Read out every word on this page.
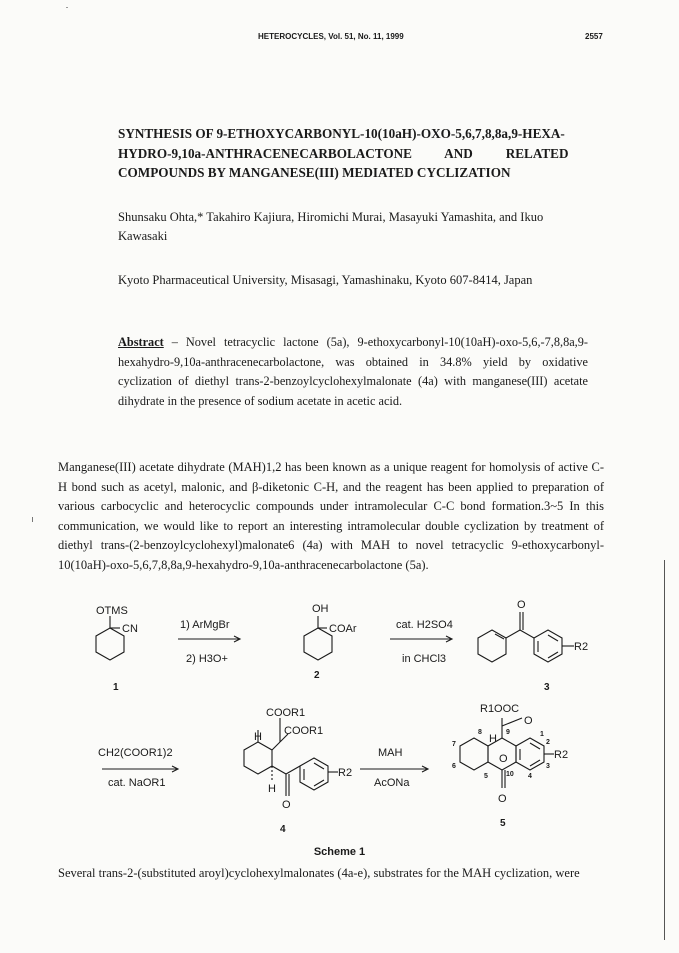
HETEROCYCLES, Vol. 51, No. 11, 1999	2557
SYNTHESIS OF 9-ETHOXYCARBONYL-10(10aH)-OXO-5,6,7,8,8a,9-HEXA-
HYDRO-9,10a-ANTHRACENECARBOLACTONE          AND          RELATED
COMPOUNDS BY MANGANESE(III) MEDIATED CYCLIZATION
Shunsaku Ohta,* Takahiro Kajiura, Hiromichi Murai, Masayuki Yamashita, and Ikuo Kawasaki
Kyoto Pharmaceutical University, Misasagi, Yamashinaku, Kyoto 607-8414, Japan
Abstract – Novel tetracyclic lactone (5a), 9-ethoxycarbonyl-10(10aH)-oxo-5,6,-7,8,8a,9-hexahydro-9,10a-anthracenecarbolactone, was obtained in 34.8% yield by oxidative cyclization of diethyl trans-2-benzoylcyclohexylmalonate (4a) with manganese(III) acetate dihydrate in the presence of sodium acetate in acetic acid.
Manganese(III) acetate dihydrate (MAH)1,2 has been known as a unique reagent for homolysis of active C-H bond such as acetyl, malonic, and β-diketonic C-H, and the reagent has been applied to preparation of various carbocyclic and heterocyclic compounds under intramolecular C-C bond formation.3~5 In this communication, we would like to report an interesting intramolecular double cyclization by treatment of diethyl trans-(2-benzoylcyclohexyl)malonate6 (4a) with MAH to novel tetracyclic 9-ethoxycarbonyl-10(10aH)-oxo-5,6,7,8,8a,9-hexahydro-9,10a-anthracenecarbolactone (5a).
OTMS
CN
1
1) ArMgBr
2) H3O+
OH
COAr
2
cat. H2SO4
in CHCl3
O
R2
3
CH2(COOR1)2
cat. NaOR1
COOR1
COOR1
H
H
O
R2
4
MAH
AcONa
R1OOC
O
H
O
O
R2
2
1
3
4
5
6
7
8	9
10
5
Scheme 1
Several trans-2-(substituted aroyl)cyclohexylmalonates (4a-e), substrates for the MAH cyclization, were
